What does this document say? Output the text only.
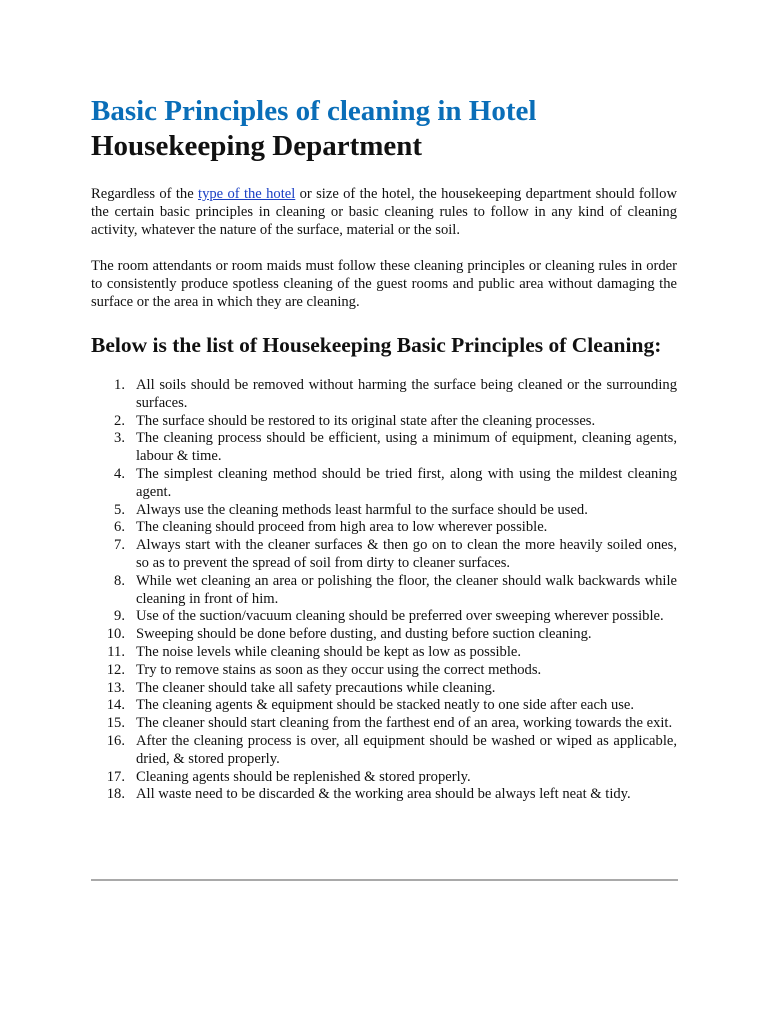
Basic Principles of cleaning in Hotel
Housekeeping Department

Regardless of the type of the hotel or size of the hotel, the housekeeping department should follow the certain basic principles in cleaning or basic cleaning rules to follow in any kind of cleaning activity, whatever the nature of the surface, material or the soil.

The room attendants or room maids must follow these cleaning principles or cleaning rules in order to consistently produce spotless cleaning of the guest rooms and public area without damaging the surface or the area in which they are cleaning.

Below is the list of Housekeeping Basic Principles of Cleaning:
1. All soils should be removed without harming the surface being cleaned or the surrounding surfaces.
2. The surface should be restored to its original state after the cleaning processes.
3. The cleaning process should be efficient, using a minimum of equipment, cleaning agents, labour & time.
4. The simplest cleaning method should be tried first, along with using the mildest cleaning agent.
5. Always use the cleaning methods least harmful to the surface should be used.
6. The cleaning should proceed from high area to low wherever possible.
7. Always start with the cleaner surfaces & then go on to clean the more heavily soiled ones, so as to prevent the spread of soil from dirty to cleaner surfaces.
8. While wet cleaning an area or polishing the floor, the cleaner should walk backwards while cleaning in front of him.
9. Use of the suction/vacuum cleaning should be preferred over sweeping wherever possible.
10. Sweeping should be done before dusting, and dusting before suction cleaning.
11. The noise levels while cleaning should be kept as low as possible.
12. Try to remove stains as soon as they occur using the correct methods.
13. The cleaner should take all safety precautions while cleaning.
14. The cleaning agents & equipment should be stacked neatly to one side after each use.
15. The cleaner should start cleaning from the farthest end of an area, working towards the exit.
16. After the cleaning process is over, all equipment should be washed or wiped as applicable, dried, & stored properly.
17. Cleaning agents should be replenished & stored properly.
18. All waste need to be discarded & the working area should be always left neat & tidy.
